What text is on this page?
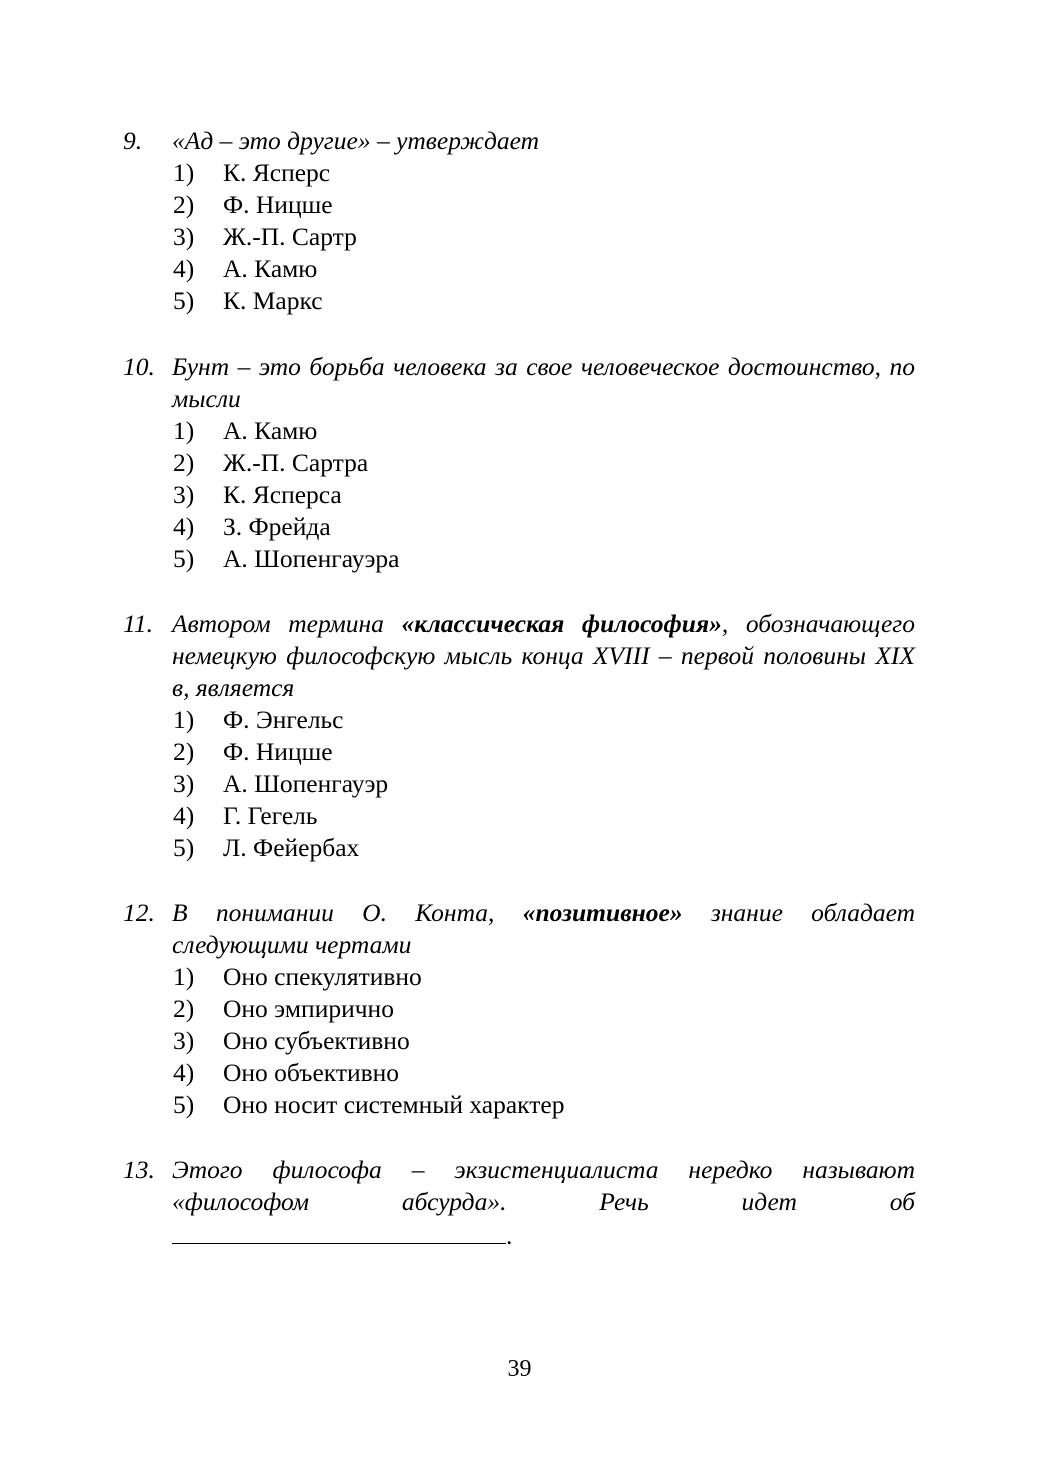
9. «Ад – это другие» – утверждает
1) К. Ясперс
2) Ф. Ницше
3) Ж.-П. Сартр
4) А. Камю
5) К. Маркс
10. Бунт – это борьба человека за свое человеческое достоинство, по мысли
1) А. Камю
2) Ж.-П. Сартра
3) К. Ясперса
4) З. Фрейда
5) А. Шопенгауэра
11. Автором термина «классическая философия», обозначающего немецкую философскую мысль конца XVIII – первой половины XIX в, является
1) Ф. Энгельс
2) Ф. Ницше
3) А. Шопенгауэр
4) Г. Гегель
5) Л. Фейербах
12. В понимании О. Конта, «позитивное» знание обладает следующими чертами
1) Оно спекулятивно
2) Оно эмпирично
3) Оно субъективно
4) Оно объективно
5) Оно носит системный характер
13. Этого философа – экзистенциалиста нередко называют «философом абсурда». Речь идет об
.
39
